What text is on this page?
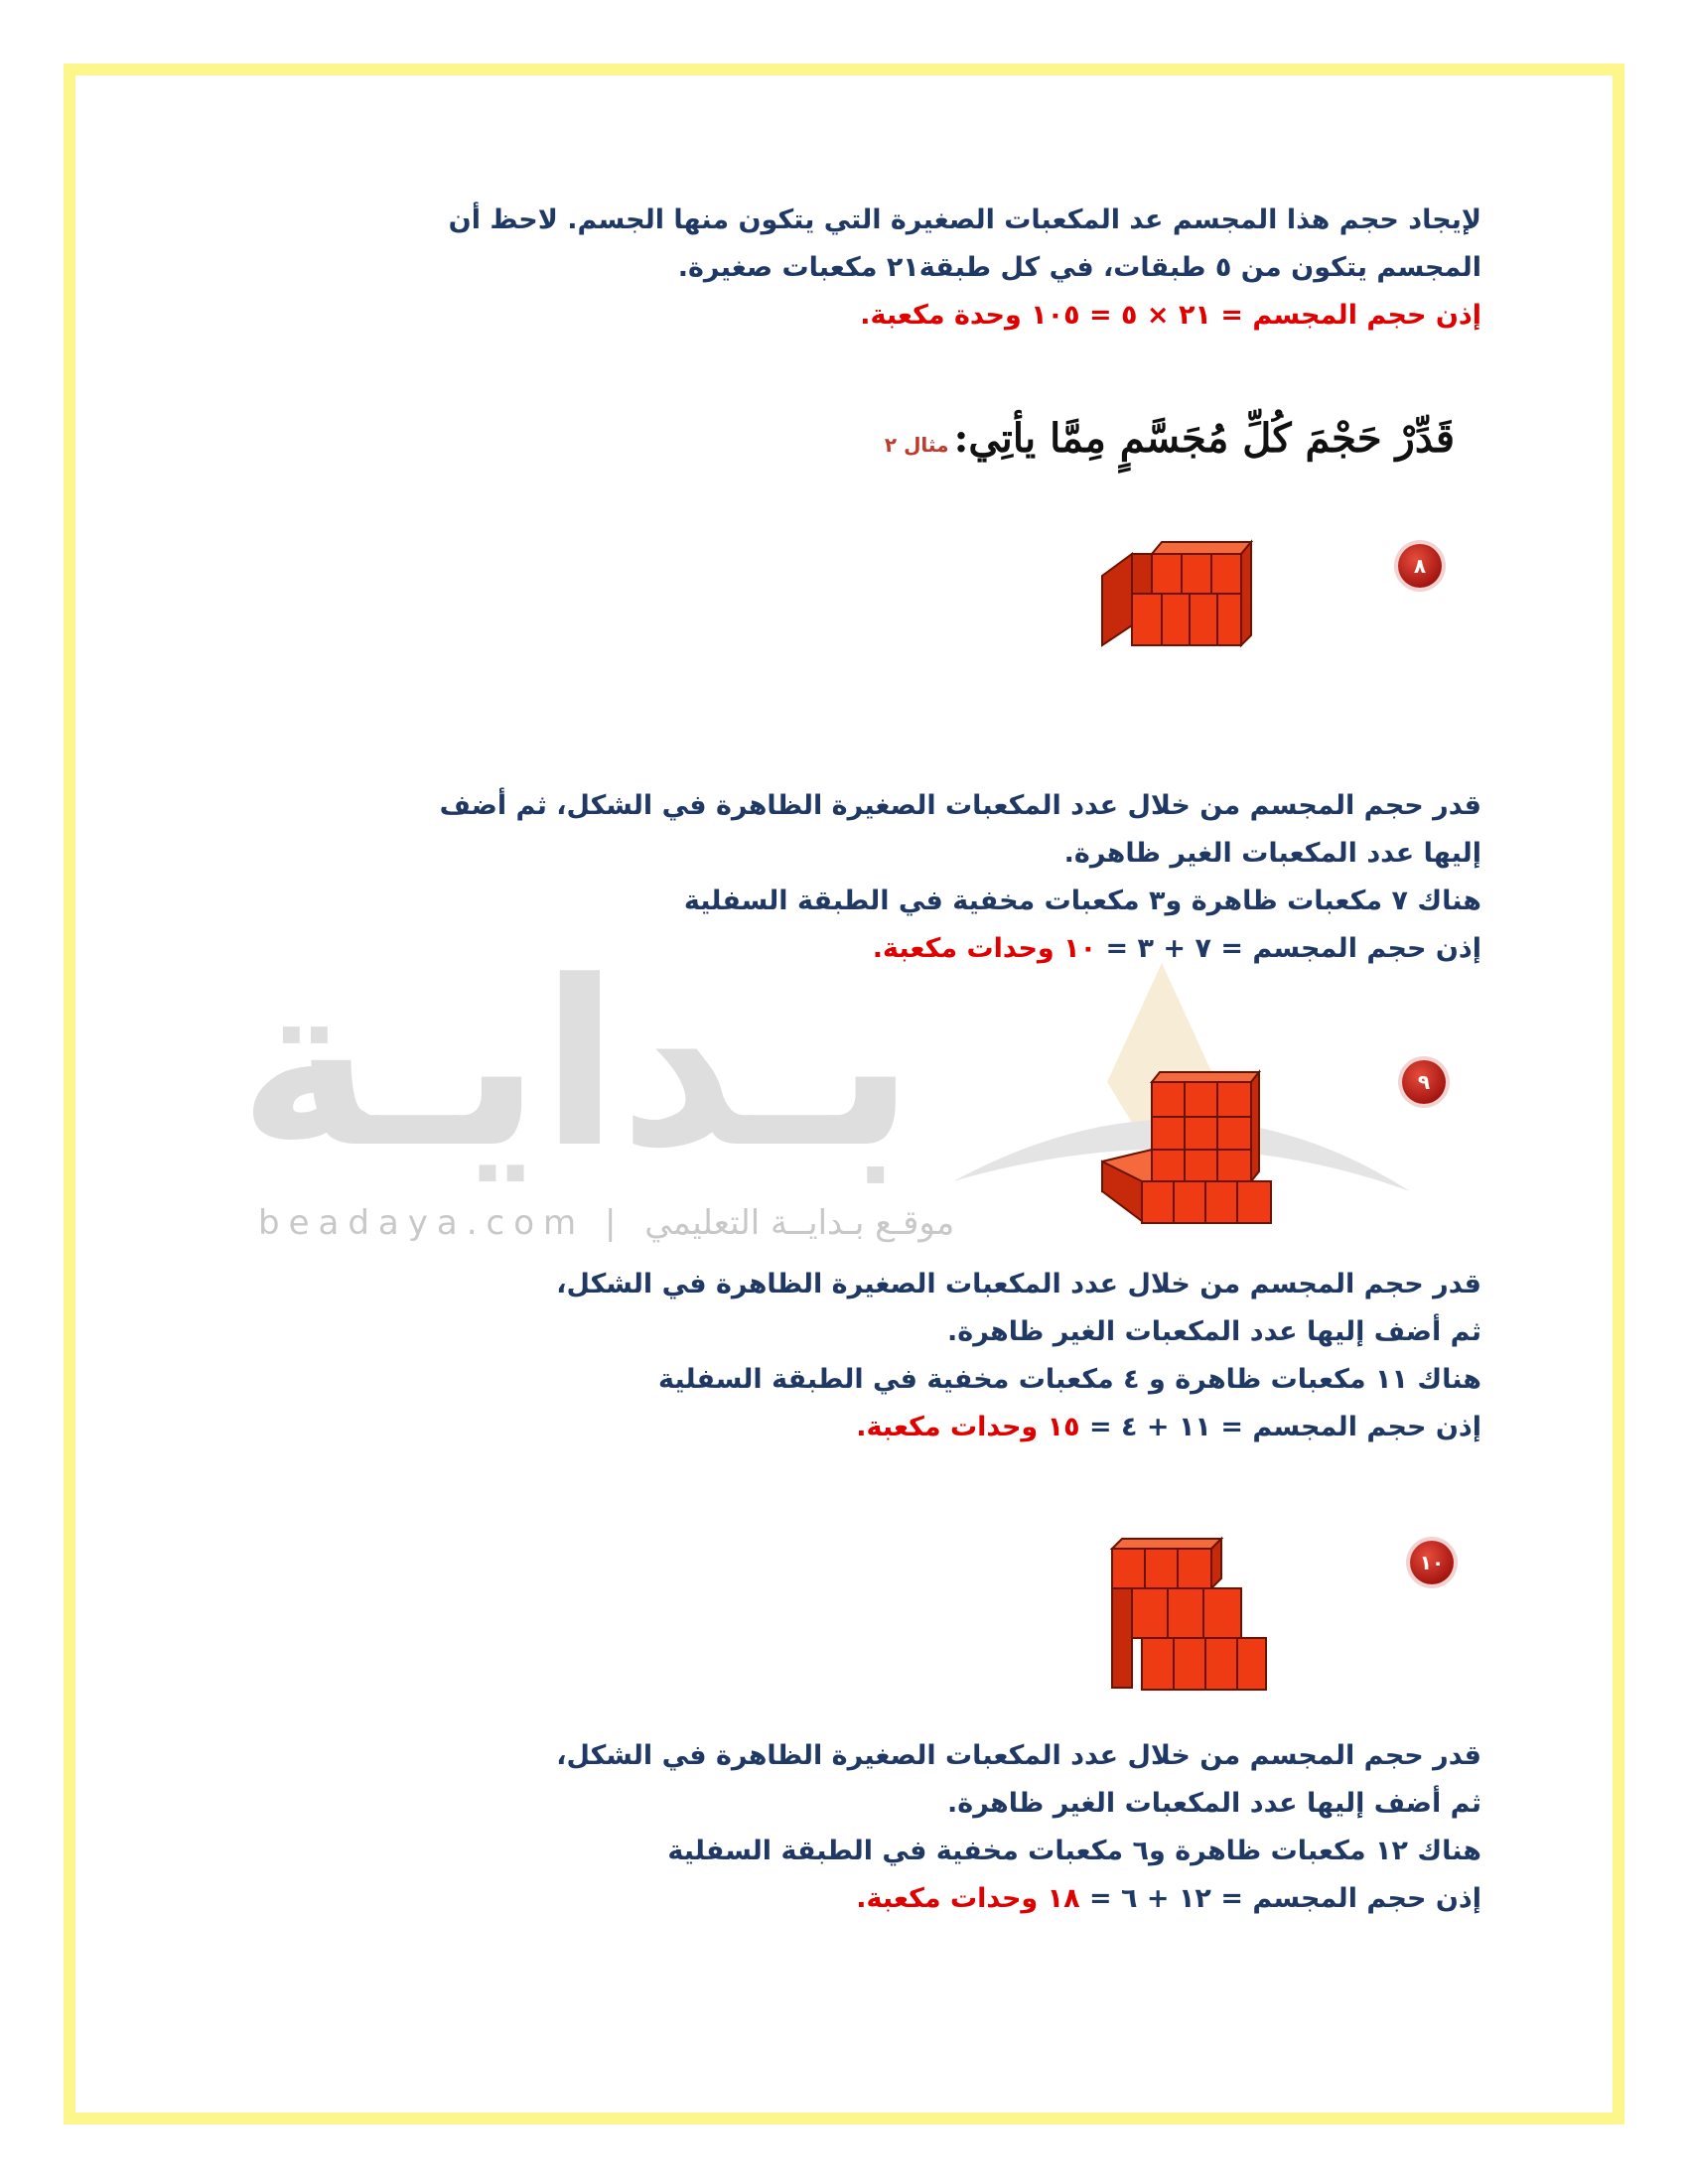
بـدايـة
beadaya.com | موقـع بـدايــة التعليمي
لإيجاد حجم هذا المجسم عد المكعبات الصغيرة التي يتكون منها الجسم. لاحظ أن
المجسم يتكون من ٥ طبقات، في كل طبقة٢١ مكعبات صغيرة.
إذن حجم المجسم = ٢١ × ٥ = ١٠٥ وحدة مكعبة.
قَدِّرْ حَجْمَ كُلِّ مُجَسَّمٍ مِمَّا يأتِي: مثال ٢
٨
قدر حجم المجسم من خلال عدد المكعبات الصغيرة الظاهرة في الشكل، ثم أضف
إليها عدد المكعبات الغير ظاهرة.
هناك ٧ مكعبات ظاهرة و٣ مكعبات مخفية في الطبقة السفلية
إذن حجم المجسم = ٧ + ٣ = ١٠ وحدات مكعبة.
٩
قدر حجم المجسم من خلال عدد المكعبات الصغيرة الظاهرة في الشكل،
ثم أضف إليها عدد المكعبات الغير ظاهرة.
هناك ١١ مكعبات ظاهرة و ٤ مكعبات مخفية في الطبقة السفلية
إذن حجم المجسم = ١١ + ٤ = ١٥ وحدات مكعبة.
١٠
قدر حجم المجسم من خلال عدد المكعبات الصغيرة الظاهرة في الشكل،
ثم أضف إليها عدد المكعبات الغير ظاهرة.
هناك ١٢ مكعبات ظاهرة و٦ مكعبات مخفية في الطبقة السفلية
إذن حجم المجسم = ١٢ + ٦ = ١٨ وحدات مكعبة.
